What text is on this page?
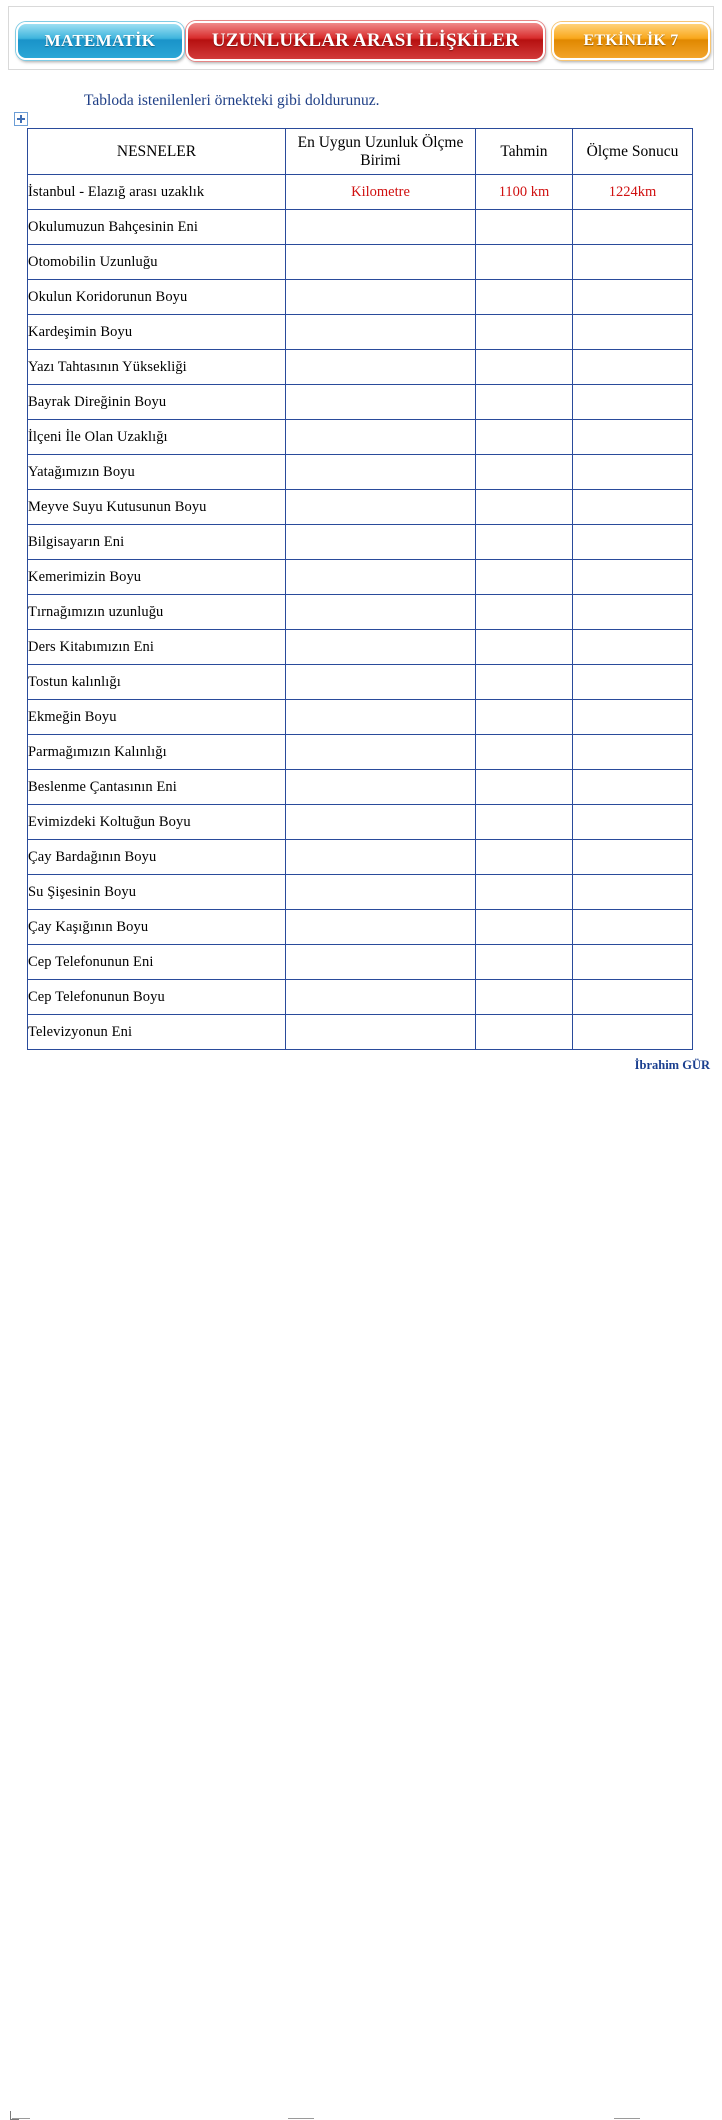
MATEMATİK	UZUNLUKLAR ARASI İLİŞKİLER	ETKİNLİK 7
Tabloda istenilenleri örnekteki gibi doldurunuz.
NESNELER	En Uygun Uzunluk Ölçme Birimi	Tahmin	Ölçme Sonucu
İstanbul - Elazığ arası uzaklık	Kilometre	1100 km	1224km
Okulumuzun Bahçesinin Eni			
Otomobilin Uzunluğu			
Okulun Koridorunun Boyu			
Kardeşimin Boyu			
Yazı Tahtasının Yüksekliği			
Bayrak Direğinin Boyu			
İlçeni İle Olan Uzaklığı			
Yatağımızın Boyu			
Meyve Suyu Kutusunun Boyu			
Bilgisayarın Eni			
Kemerimizin Boyu			
Tırnağımızın uzunluğu			
Ders Kitabımızın Eni			
Tostun kalınlığı			
Ekmeğin Boyu			
Parmağımızın Kalınlığı			
Beslenme Çantasının Eni			
Evimizdeki Koltuğun Boyu			
Çay Bardağının Boyu			
Su Şişesinin Boyu			
Çay Kaşığının Boyu			
Cep Telefonunun Eni			
Cep Telefonunun Boyu			
Televizyonun Eni			
İbrahim GÜR
